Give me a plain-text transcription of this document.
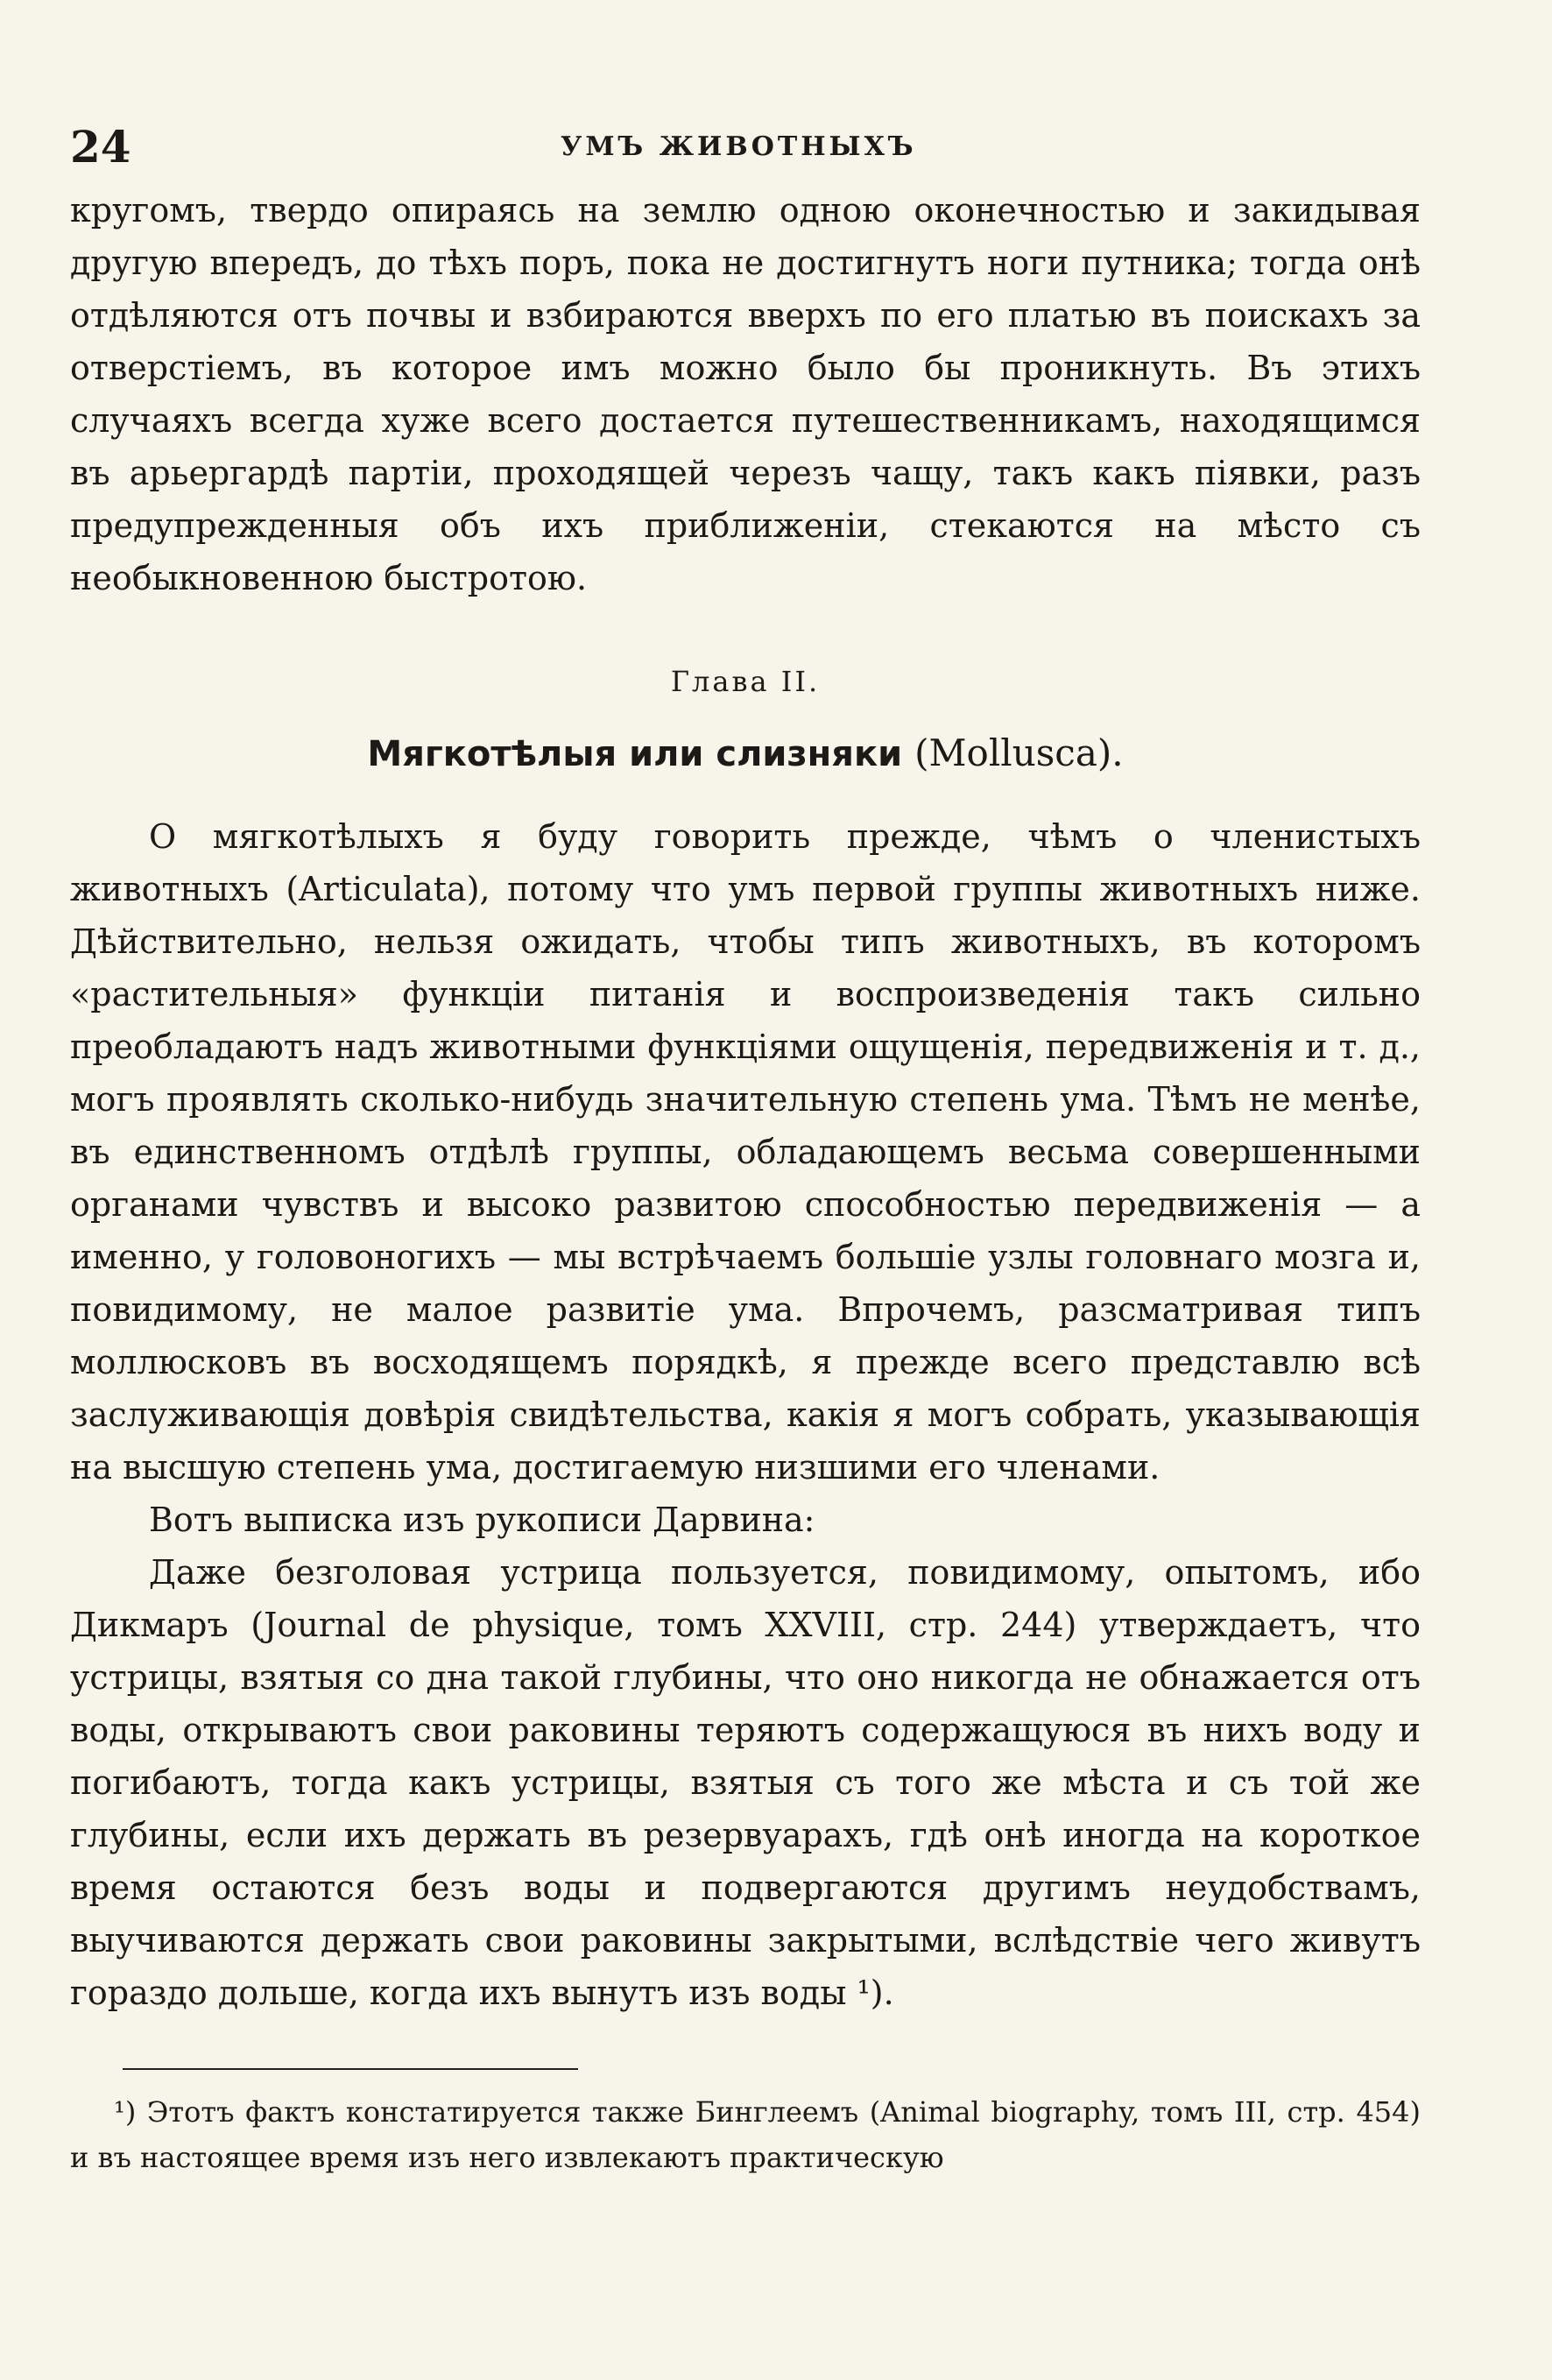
24	УМЪ ЖИВОТНЫХЪ

кругомъ, твердо опираясь на землю одною оконечностью и закидывая другую впередъ, до тѣхъ поръ, пока не достигнутъ ноги путника; тогда онѣ отдѣляются отъ почвы и взбираются вверхъ по его платью въ поискахъ за отверстіемъ, въ которое имъ можно было бы проникнуть. Въ этихъ случаяхъ всегда хуже всего достается путешественникамъ, находящимся въ арьергардѣ партіи, проходящей черезъ чащу, такъ какъ піявки, разъ предупрежденныя объ ихъ приближеніи, стекаются на мѣсто съ необыкновенною быстротою.

Глава II.
Мягкотѣлыя или слизняки (Mollusca).

О мягкотѣлыхъ я буду говорить прежде, чѣмъ о членистыхъ животныхъ (Articulata), потому что умъ первой группы животныхъ ниже. Дѣйствительно, нельзя ожидать, чтобы типъ животныхъ, въ которомъ «растительныя» функціи питанія и воспроизведенія такъ сильно преобладаютъ надъ животными функціями ощущенія, передвиженія и т. д., могъ проявлять сколько-нибудь значительную степень ума. Тѣмъ не менѣе, въ единственномъ отдѣлѣ группы, обладающемъ весьма совершенными органами чувствъ и высоко развитою способностью передвиженія — а именно, у головоногихъ — мы встрѣчаемъ большіе узлы головнаго мозга и, повидимому, не малое развитіе ума. Впрочемъ, разсматривая типъ моллюсковъ въ восходящемъ порядкѣ, я прежде всего представлю всѣ заслуживающія довѣрія свидѣтельства, какія я могъ собрать, указывающія на высшую степень ума, достигаемую низшими его членами.

Вотъ выписка изъ рукописи Дарвина:

Даже безголовая устрица пользуется, повидимому, опытомъ, ибо Дикмаръ (Journal de physique, томъ XXVIII, стр. 244) утверждаетъ, что устрицы, взятыя со дна такой глубины, что оно никогда не обнажается отъ воды, открываютъ свои раковины теряютъ содержащуюся въ нихъ воду и погибаютъ, тогда какъ устрицы, взятыя съ того же мѣста и съ той же глубины, если ихъ держать въ резервуарахъ, гдѣ онѣ иногда на короткое время остаются безъ воды и подвергаются другимъ неудобствамъ, выучиваются держать свои раковины закрытыми, вслѣдствіе чего живутъ гораздо дольше, когда ихъ вынутъ изъ воды ¹).

¹) Этотъ фактъ констатируется также Бинглеемъ (Animal biography, томъ III, стр. 454) и въ настоящее время изъ него извлекаютъ практическую
